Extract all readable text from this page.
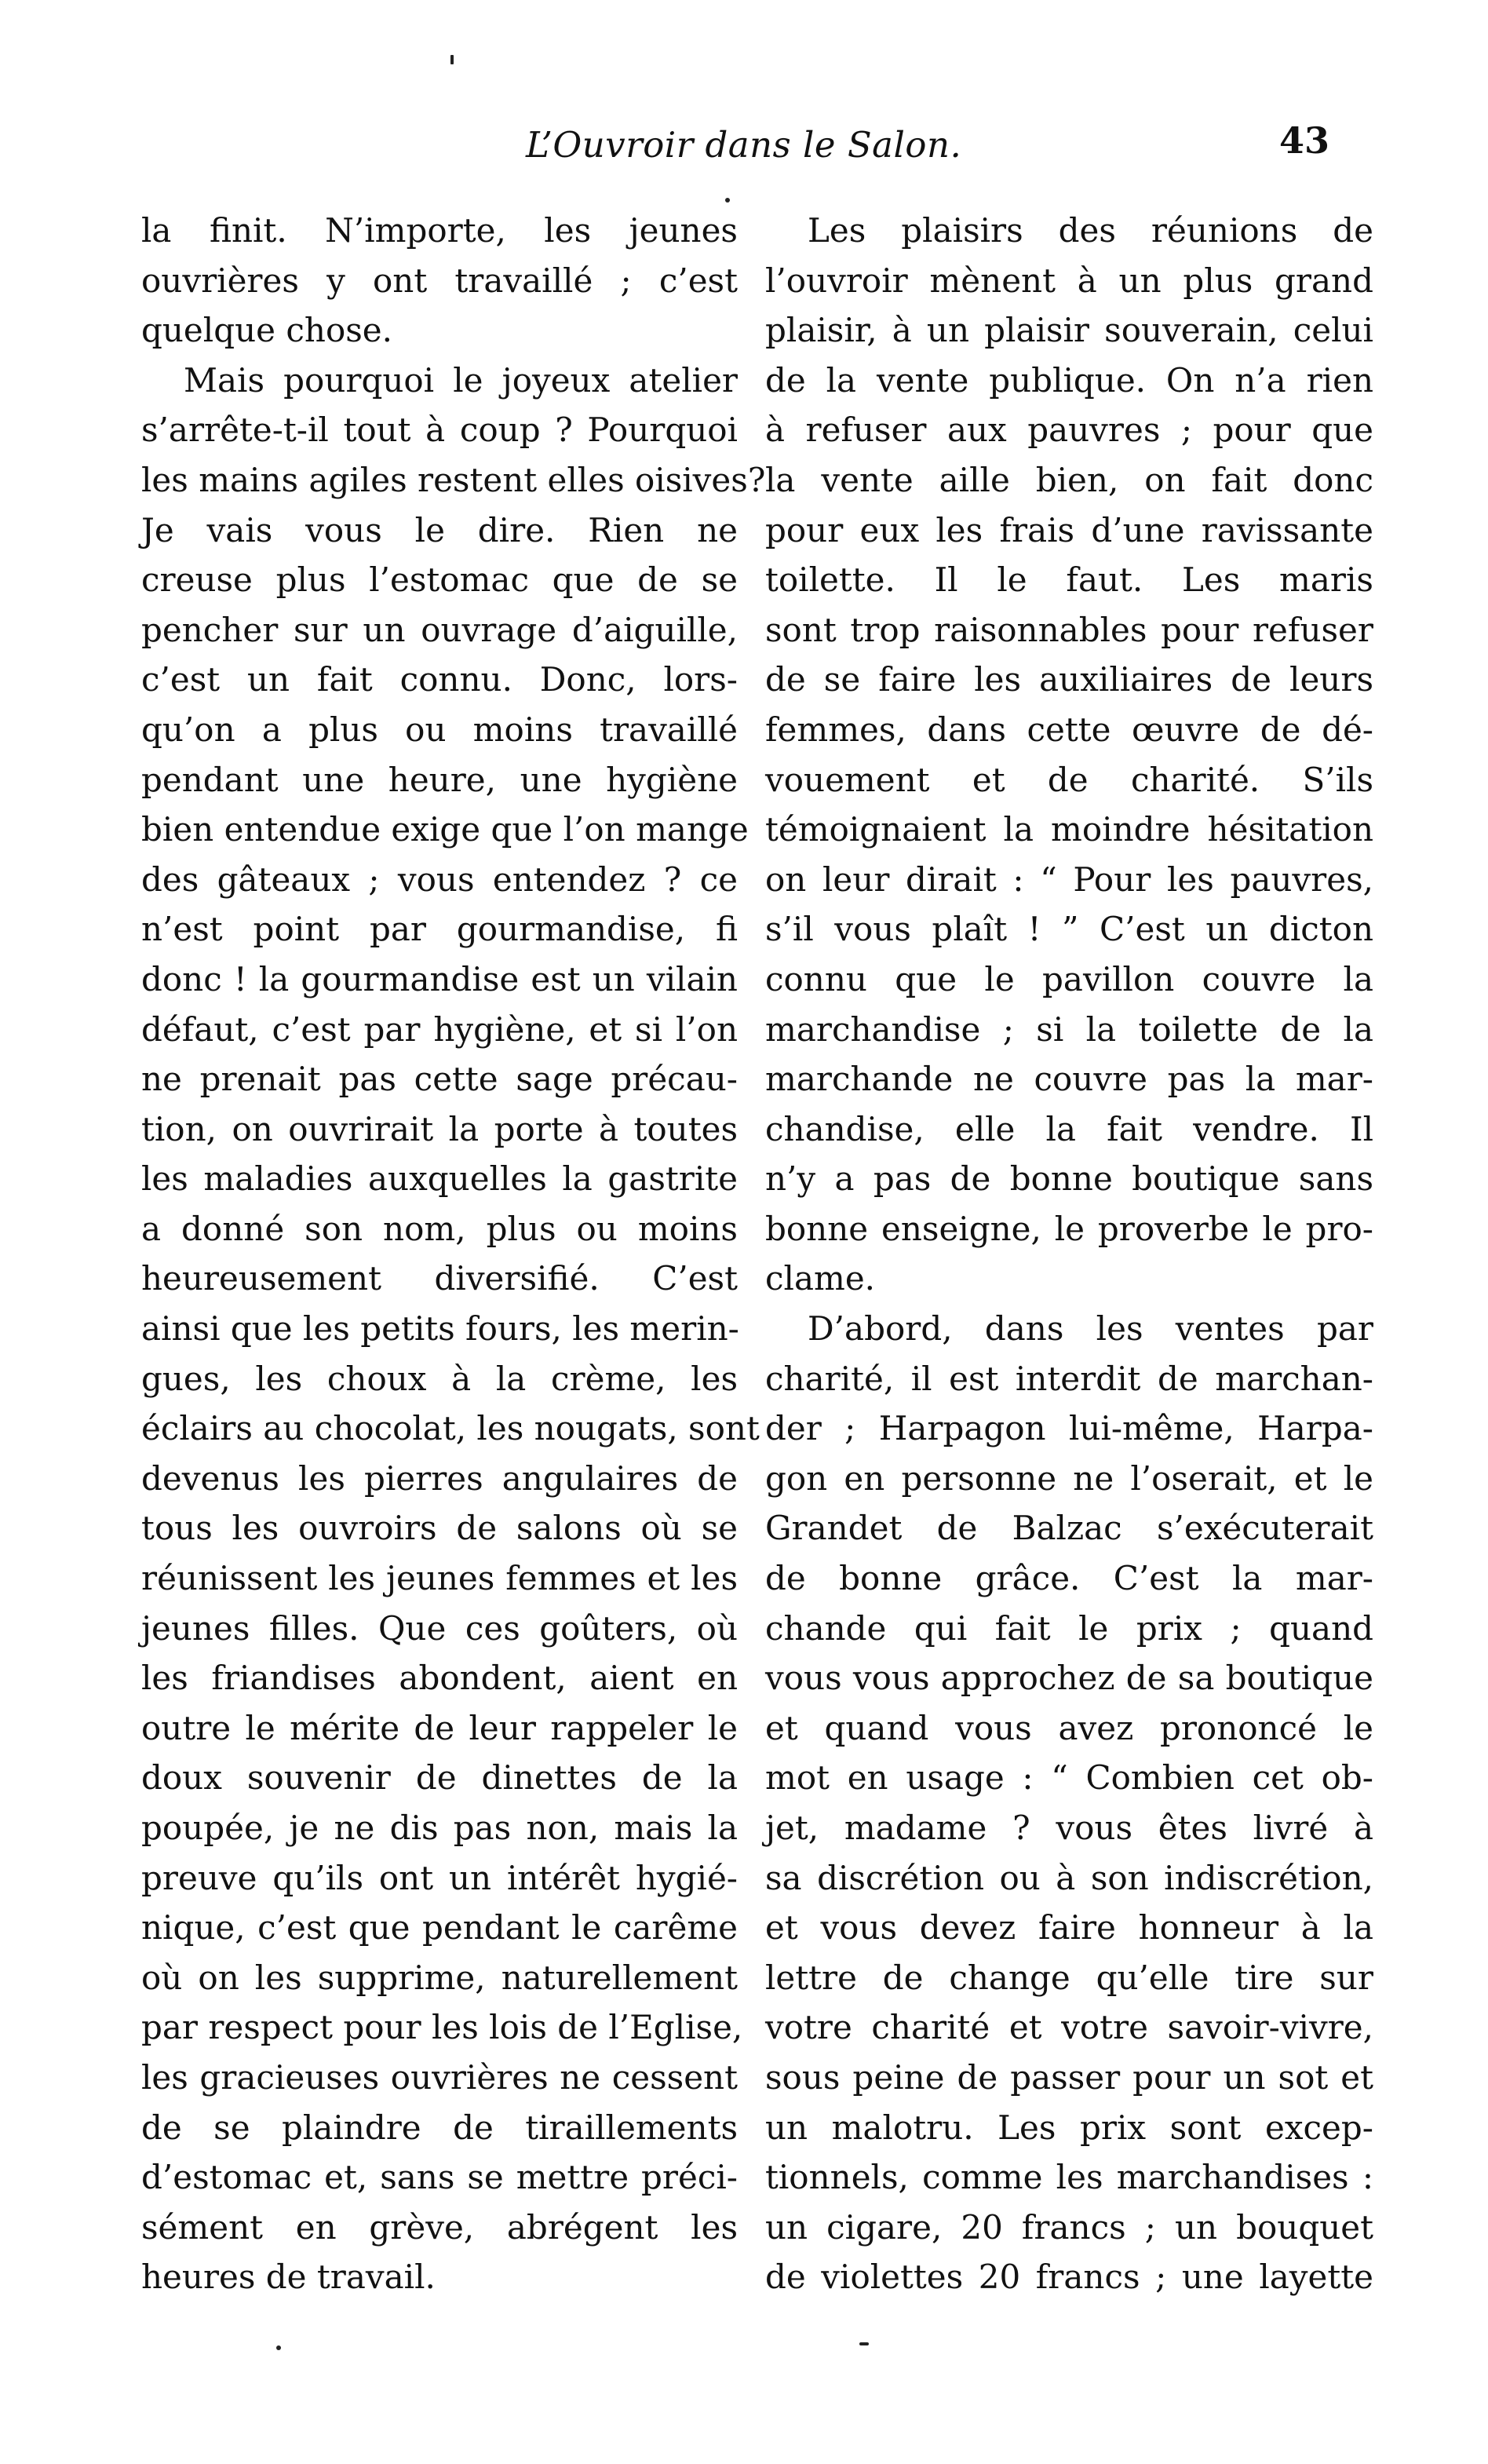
L’Ouvroir dans le Salon.	43
la finit. N’importe, les jeunes
ouvrières y ont travaillé ; c’est
quelque chose.
Mais pourquoi le joyeux atelier
s’arrête-t-il tout à coup ? Pourquoi
les mains agiles restent elles oisives?
Je vais vous le dire. Rien ne
creuse plus l’estomac que de se
pencher sur un ouvrage d’aiguille,
c’est un fait connu. Donc, lors-
qu’on a plus ou moins travaillé
pendant une heure, une hygiène
bien entendue exige que l’on mange
des gâteaux ; vous entendez ? ce
n’est point par gourmandise, fi
donc ! la gourmandise est un vilain
défaut, c’est par hygiène, et si l’on
ne prenait pas cette sage précau-
tion, on ouvrirait la porte à toutes
les maladies auxquelles la gastrite
a donné son nom, plus ou moins
heureusement diversifié. C’est
ainsi que les petits fours, les merin-
gues, les choux à la crème, les
éclairs au chocolat, les nougats, sont
devenus les pierres angulaires de
tous les ouvroirs de salons où se
réunissent les jeunes femmes et les
jeunes filles. Que ces goûters, où
les friandises abondent, aient en
outre le mérite de leur rappeler le
doux souvenir de dinettes de la
poupée, je ne dis pas non, mais la
preuve qu’ils ont un intérêt hygié-
nique, c’est que pendant le carême
où on les supprime, naturellement
par respect pour les lois de l’Eglise,
les gracieuses ouvrières ne cessent
de se plaindre de tiraillements
d’estomac et, sans se mettre préci-
sément en grève, abrégent les
heures de travail.
Les plaisirs des réunions de
l’ouvroir mènent à un plus grand
plaisir, à un plaisir souverain, celui
de la vente publique. On n’a rien
à refuser aux pauvres ; pour que
la vente aille bien, on fait donc
pour eux les frais d’une ravissante
toilette. Il le faut. Les maris
sont trop raisonnables pour refuser
de se faire les auxiliaires de leurs
femmes, dans cette œuvre de dé-
vouement et de charité. S’ils
témoignaient la moindre hésitation
on leur dirait : “ Pour les pauvres,
s’il vous plaît ! ” C’est un dicton
connu que le pavillon couvre la
marchandise ; si la toilette de la
marchande ne couvre pas la mar-
chandise, elle la fait vendre. Il
n’y a pas de bonne boutique sans
bonne enseigne, le proverbe le pro-
clame.
D’abord, dans les ventes par
charité, il est interdit de marchan-
der ; Harpagon lui-même, Harpa-
gon en personne ne l’oserait, et le
Grandet de Balzac s’exécuterait
de bonne grâce. C’est la mar-
chande qui fait le prix ; quand
vous vous approchez de sa boutique
et quand vous avez prononcé le
mot en usage : “ Combien cet ob-
jet, madame ? vous êtes livré à
sa discrétion ou à son indiscrétion,
et vous devez faire honneur à la
lettre de change qu’elle tire sur
votre charité et votre savoir-vivre,
sous peine de passer pour un sot et
un malotru. Les prix sont excep-
tionnels, comme les marchandises :
un cigare, 20 francs ; un bouquet
de violettes 20 francs ; une layette
